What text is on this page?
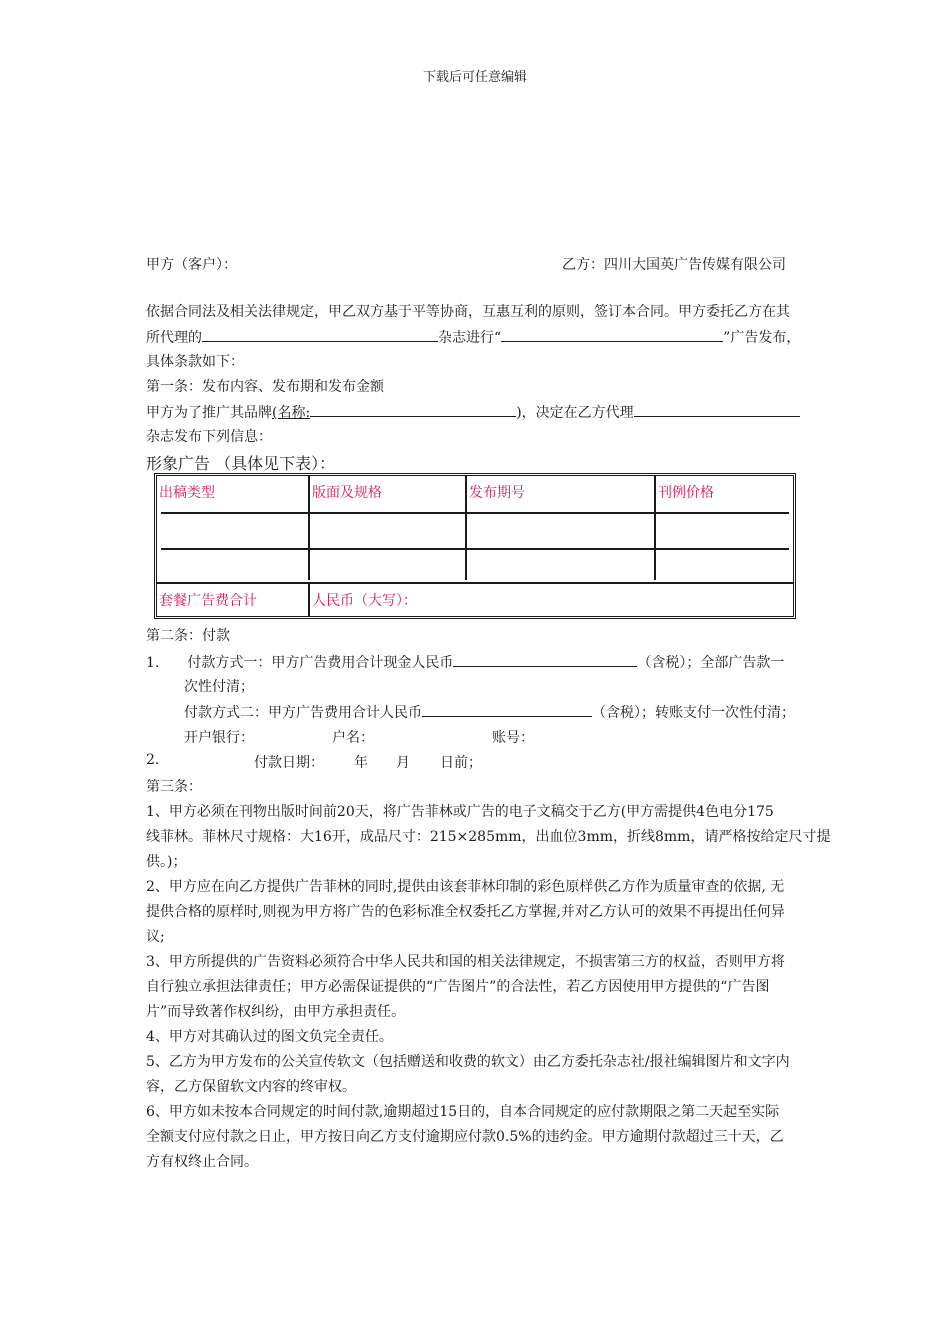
下载后可任意编辑
甲方（客户）：	乙方：四川大国英广告传媒有限公司
依据合同法及相关法律规定，甲乙双方基于平等协商，互惠互利的原则，签订本合同。甲方委托乙方在其
所代理的	杂志进行“	”广告发布，
具体条款如下：
第一条：发布内容、发布期和发布金额
甲方为了推广其品牌(名称:	)，决定在乙方代理
杂志发布下列信息：
形象广告 （具体见下表）：
出稿类型	版面及规格	发布期号	刊例价格
套餐广告费合计	人民币（大写）：
第二条：付款
1. 付款方式一：甲方广告费用合计现金人民币	（含税）；全部广告款一
次性付清；
付款方式二：甲方广告费用合计人民币	（含税）；转账支付一次性付清；
开户银行：	户名：	账号：
2.	付款日期： 年 月 日前；
第三条：
1、甲方必须在刊物出版时间前20天，将广告菲林或广告的电子文稿交于乙方(甲方需提供4色电分175
线菲林。菲林尺寸规格：大16开，成品尺寸：215×285mm，出血位3mm，折线8mm，请严格按给定尺寸提
供。)；
2、甲方应在向乙方提供广告菲林的同时,提供由该套菲林印制的彩色原样供乙方作为质量审查的依据, 无
提供合格的原样时,则视为甲方将广告的色彩标准全权委托乙方掌握,并对乙方认可的效果不再提出任何异
议;
3、甲方所提供的广告资料必须符合中华人民共和国的相关法律规定，不损害第三方的权益，否则甲方将
自行独立承担法律责任；甲方必需保证提供的“广告图片”的合法性，若乙方因使用甲方提供的“广告图
片”而导致著作权纠纷，由甲方承担责任。
4、甲方对其确认过的图文负完全责任。
5、乙方为甲方发布的公关宣传软文（包括赠送和收费的软文）由乙方委托杂志社/报社编辑图片和文字内
容，乙方保留软文内容的终审权。
6、甲方如未按本合同规定的时间付款,逾期超过15日的，自本合同规定的应付款期限之第二天起至实际
全额支付应付款之日止，甲方按日向乙方支付逾期应付款0.5%的违约金。甲方逾期付款超过三十天，乙
方有权终止合同。
